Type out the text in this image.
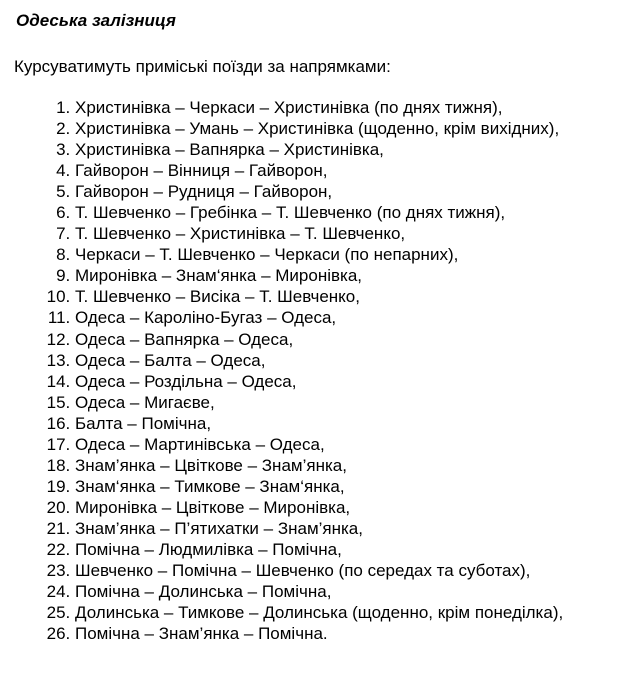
Одеська залізниця
Курсуватимуть приміські поїзди за напрямками:
1. Христинівка – Черкаси – Христинівка (по днях тижня),
2. Христинівка – Умань – Христинівка (щоденно, крім вихідних),
3. Христинівка – Вапнярка – Христинівка,
4. Гайворон – Вінниця – Гайворон,
5. Гайворон – Рудниця – Гайворон,
6. Т. Шевченко – Гребінка – Т. Шевченко (по днях тижня),
7. Т. Шевченко – Христинівка – Т. Шевченко,
8. Черкаси – Т. Шевченко – Черкаси (по непарних),
9. Миронівка – Знам‘янка – Миронівка,
10. Т. Шевченко – Висіка – Т. Шевченко,
11. Одеса – Кароліно-Бугаз – Одеса,
12. Одеса – Вапнярка – Одеса,
13. Одеса – Балта – Одеса,
14. Одеса – Роздільна – Одеса,
15. Одеса – Мигаєве,
16. Балта – Помічна,
17. Одеса – Мартинівська – Одеса,
18. Знам’янка – Цвіткове – Знам’янка,
19. Знам‘янка – Тимкове – Знам‘янка,
20. Миронівка – Цвіткове – Миронівка,
21. Знам’янка – П’ятихатки – Знам’янка,
22. Помічна – Людмилівка – Помічна,
23. Шевченко – Помічна – Шевченко (по середах та суботах),
24. Помічна – Долинська – Помічна,
25. Долинська – Тимкове – Долинська (щоденно, крім понеділка),
26. Помічна – Знам’янка – Помічна.
